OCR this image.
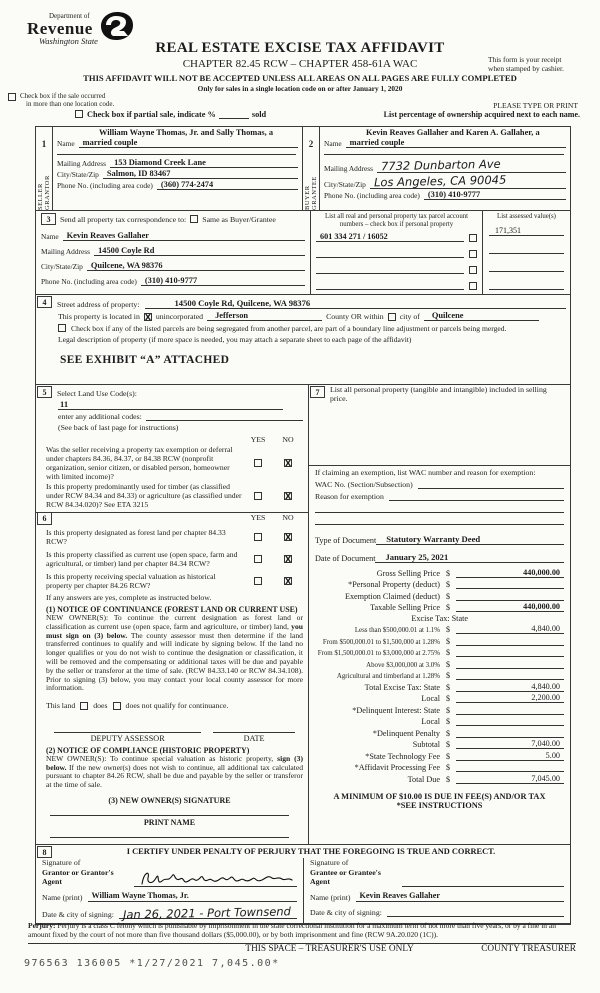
Department of
Revenue
Washington State	REAL ESTATE EXCISE TAX AFFIDAVIT
CHAPTER 82.45 RCW – CHAPTER 458-61A WAC
THIS AFFIDAVIT WILL NOT BE ACCEPTED UNLESS ALL AREAS ON ALL PAGES ARE FULLY COMPLETED
Only for sales in a single location code on or after January 1, 2020
This form is your receipt
when stamped by cashier.
Check box if the sale occurred
in more than one location code.	PLEASE TYPE OR PRINT
Check box if partial sale, indicate %	sold	List percentage of ownership acquired next to each name.
1
SELLER GRANTOR
William Wayne Thomas, Jr. and Sally Thomas, a
Name married couple
Mailing Address 153 Diamond Creek Lane
City/State/Zip Salmon, ID 83467
Phone No. (including area code) (360) 774-2474
2
BUYER GRANTEE
Kevin Reaves Gallaher and Karen A. Gallaher, a
Name married couple
Mailing Address 7732 Dunbarton Ave
City/State/Zip Los Angeles, CA 90045
Phone No. (including area code) (310) 410-9777
3	Send all property tax correspondence to: Same as Buyer/Grantee
Name Kevin Reaves Gallaher
Mailing Address 14500 Coyle Rd
City/State/Zip Quilcene, WA 98376
Phone No. (including area code) (310) 410-9777
List all real and personal property tax parcel account
numbers – check box if personal property
601 334 271 / 16052
List assessed value(s)
171,351
4	Street address of property:	14500 Coyle Rd, Quilcene, WA 98376
This property is located in X unincorporated	Jefferson	County OR within city of	Quilcene
Check box if any of the listed parcels are being segregated from another parcel, are part of a boundary line adjustment or parcels being merged.
Legal description of property (if more space is needed, you may attach a separate sheet to each page of the affidavit)
SEE EXHIBIT “A” ATTACHED
5	Select Land Use Code(s):
11
enter any additional codes:
(See back of last page for instructions)
YES	NO
Was the seller receiving a property tax exemption or deferral under chapters 84.36, 84.37, or 84.38 RCW (nonprofit organization, senior citizen, or disabled person, homeowner with limited income)?
X
Is this property predominantly used for timber (as classified under RCW 84.34 and 84.33) or agriculture (as classified under RCW 84.34.020)? See ETA 3215
X
6	YES	NO
Is this property designated as forest land per chapter 84.33 RCW?	X
Is this property classified as current use (open space, farm and agricultural, or timber) land per chapter 84.34 RCW?	X
Is this property receiving special valuation as historical property per chapter 84.26 RCW?	X
If any answers are yes, complete as instructed below.
(1) NOTICE OF CONTINUANCE (FOREST LAND OR CURRENT USE)
NEW OWNER(S): To continue the current designation as forest land or classification as current use (open space, farm and agriculture, or timber) land, you must sign on (3) below. The county assessor must then determine if the land transferred continues to qualify and will indicate by signing below. If the land no longer qualifies or you do not wish to continue the designation or classification, it will be removed and the compensating or additional taxes will be due and payable by the seller or transferor at the time of sale. (RCW 84.33.140 or RCW 84.34.108). Prior to signing (3) below, you may contact your local county assessor for more information.
This land does does not qualify for continuance.
DEPUTY ASSESSOR	DATE
(2) NOTICE OF COMPLIANCE (HISTORIC PROPERTY)
NEW OWNER(S): To continue special valuation as historic property, sign (3) below. If the new owner(s) does not wish to continue, all additional tax calculated pursuant to chapter 84.26 RCW, shall be due and payable by the seller or transferor at the time of sale.
(3) NEW OWNER(S) SIGNATURE
PRINT NAME
7	List all personal property (tangible and intangible) included in selling price.
If claiming an exemption, list WAC number and reason for exemption:
WAC No. (Section/Subsection)
Reason for exemption
Type of Document	Statutory Warranty Deed
Date of Document	January 25, 2021
Gross Selling Price $	440,000.00
*Personal Property (deduct) $
Exemption Claimed (deduct) $
Taxable Selling Price $	440,000.00
Excise Tax: State
Less than $500,000.01 at 1.1% $	4,840.00
From $500,000.01 to $1,500,000 at 1.28% $
From $1,500,000.01 to $3,000,000 at 2.75% $
Above $3,000,000 at 3.0% $
Agricultural and timberland at 1.28% $
Total Excise Tax: State $	4,840.00
Local $	2,200.00
*Delinquent Interest: State $
Local $
*Delinquent Penalty $
Subtotal $	7,040.00
*State Technology Fee $	5.00
*Affidavit Processing Fee $
Total Due $	7,045.00
A MINIMUM OF $10.00 IS DUE IN FEE(S) AND/OR TAX
*SEE INSTRUCTIONS
8	I CERTIFY UNDER PENALTY OF PERJURY THAT THE FOREGOING IS TRUE AND CORRECT.
Signature of
Grantor or Grantor's Agent
Name (print)	William Wayne Thomas, Jr.
Date & city of signing: Jan 26, 2021 - Port Townsend
Signature of
Grantee or Grantee's Agent
Name (print)	Kevin Reaves Gallaher
Date & city of signing:
Perjury: Perjury is a class C felony which is punishable by imprisonment in the state correctional institution for a maximum term of not more than five years, or by a fine in an amount fixed by the court of not more than five thousand dollars ($5,000.00), or by both imprisonment and fine (RCW 9A.20.020 (1C)).
THIS SPACE – TREASURER'S USE ONLY	COUNTY TREASURER
976563 136005 *1/27/2021 7,045.00*
